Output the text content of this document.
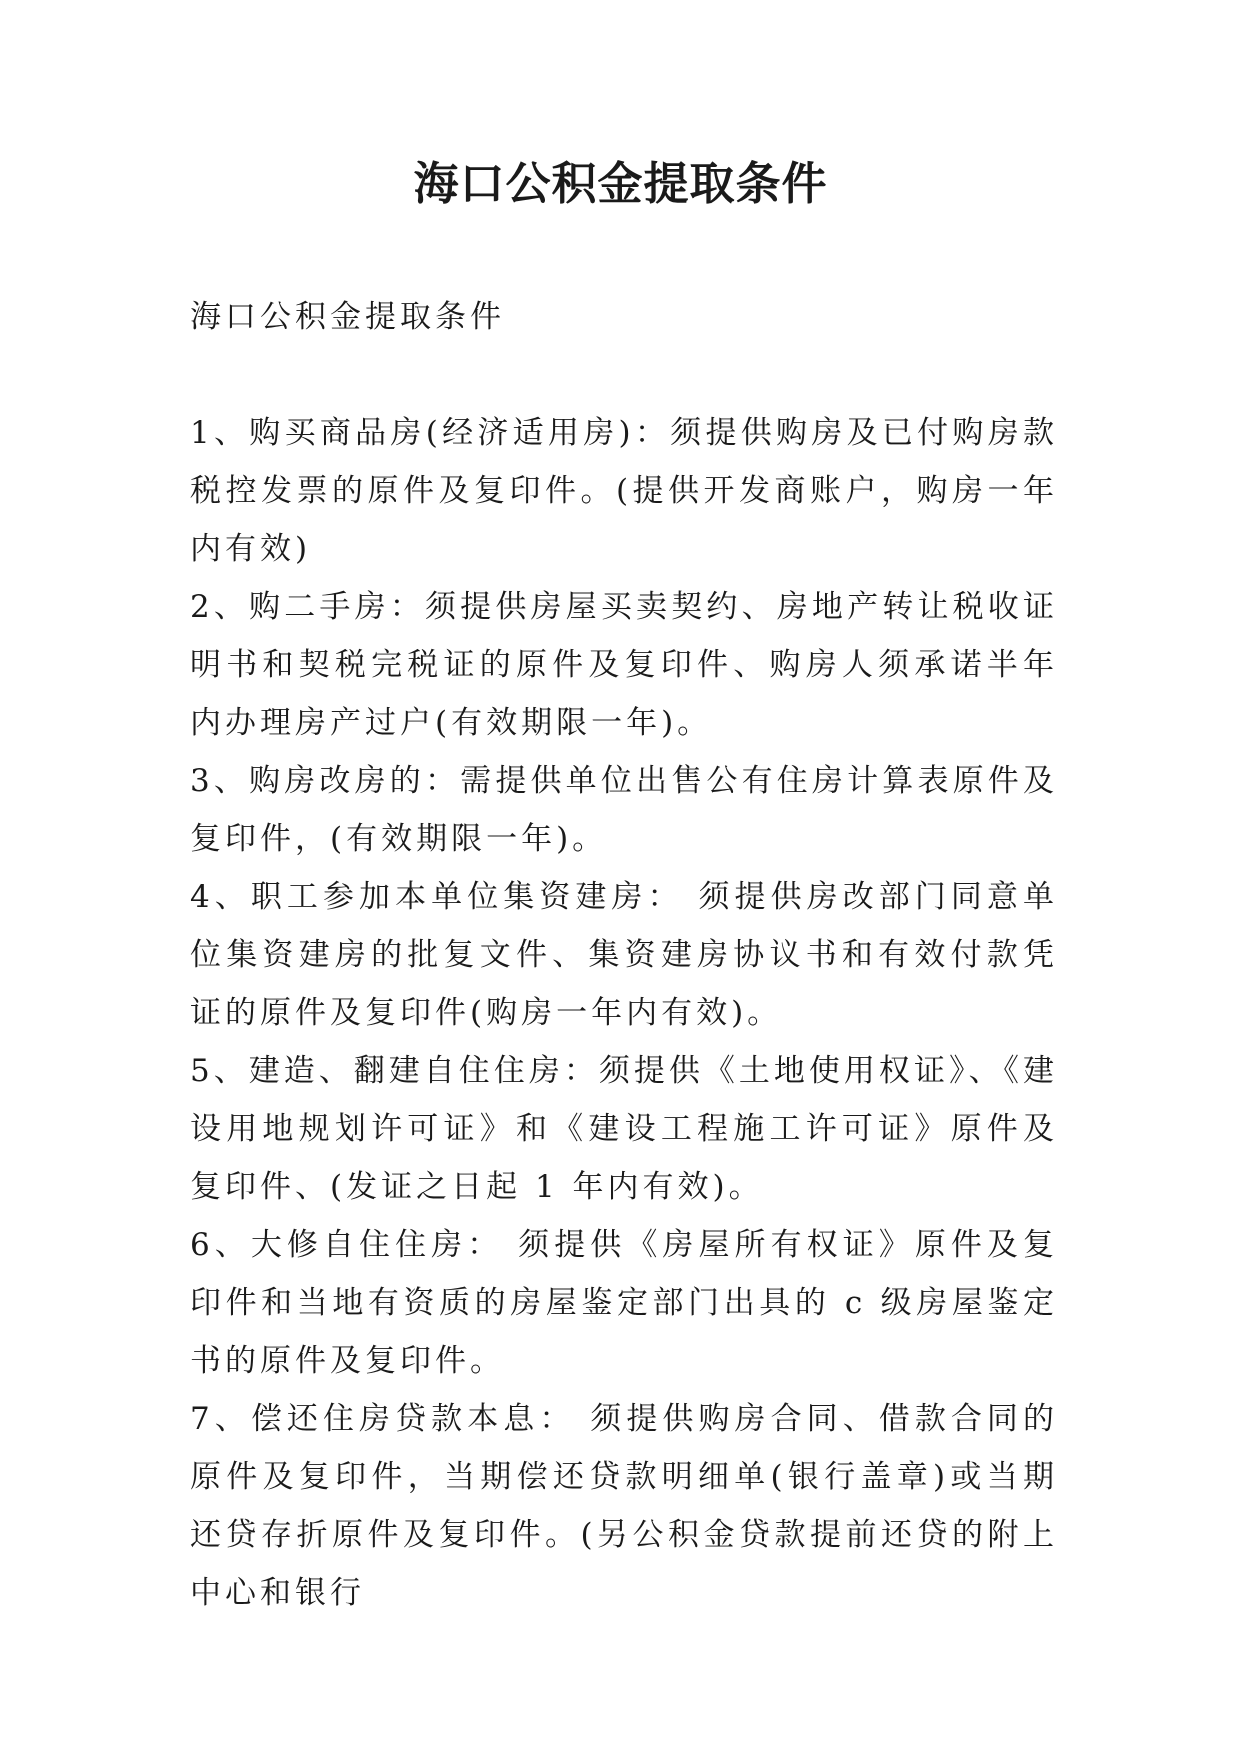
海口公积金提取条件
海口公积金提取条件

1、购买商品房(经济适用房)：须提供购房及已付购房款税控发票的原件及复印件。(提供开发商账户，购房一年内有效)

2、购二手房：须提供房屋买卖契约、房地产转让税收证明书和契税完税证的原件及复印件、购房人须承诺半年内办理房产过户(有效期限一年)。

3、购房改房的：需提供单位出售公有住房计算表原件及复印件，(有效期限一年)。

4、职工参加本单位集资建房： 须提供房改部门同意单位集资建房的批复文件、集资建房协议书和有效付款凭证的原件及复印件(购房一年内有效)。

5、建造、翻建自住住房：须提供《土地使用权证》、《建设用地规划许可证》和《建设工程施工许可证》原件及复印件、(发证之日起 1 年内有效)。

6、大修自住住房： 须提供《房屋所有权证》原件及复印件和当地有资质的房屋鉴定部门出具的 c 级房屋鉴定书的原件及复印件。

7、偿还住房贷款本息： 须提供购房合同、借款合同的原件及复印件，当期偿还贷款明细单(银行盖章)或当期还贷存折原件及复印件。(另公积金贷款提前还贷的附上中心和银行
